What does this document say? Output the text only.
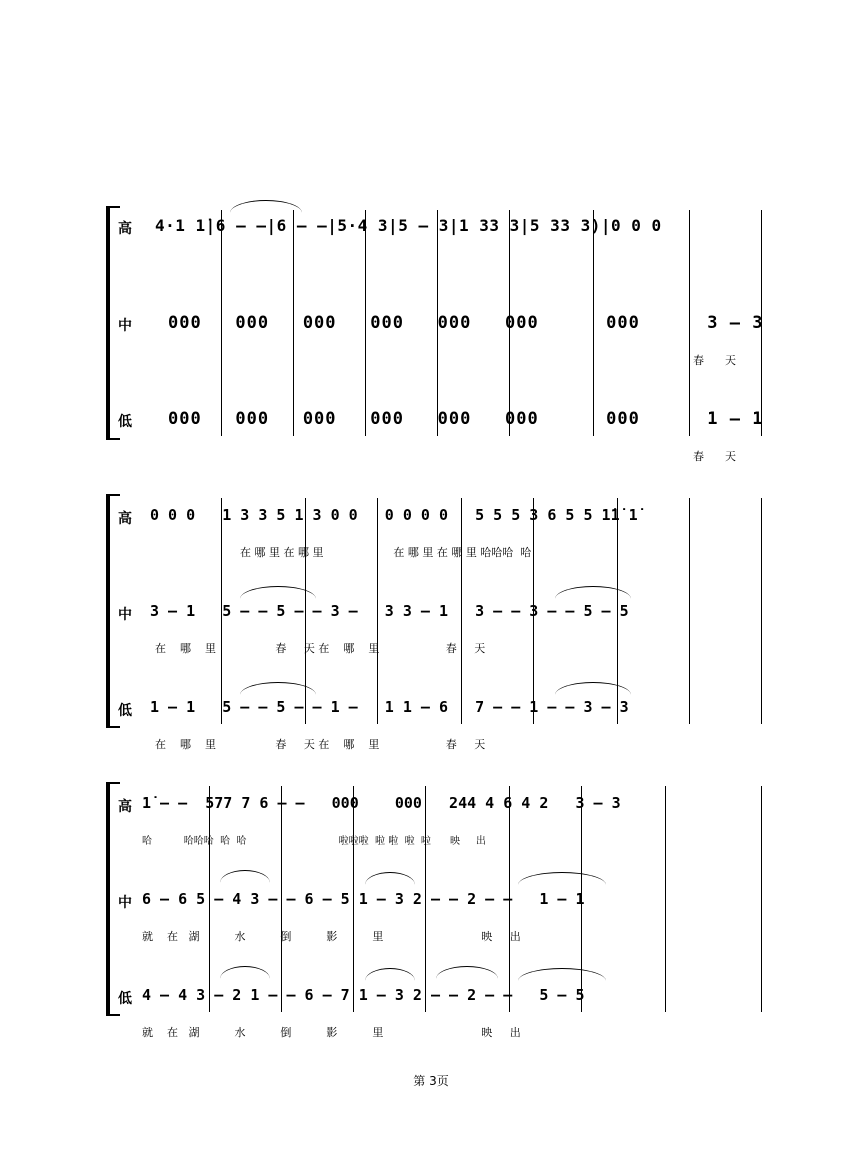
高 4·1 1̇|6 — —|6 — —|5·4 3|5 — 3|1 33 3|5 33 3)|0 0 0
中 000   000   000   000   000   000      000      3 — 3
春      天
低 000   000   000   000   000   000      000      1 — 1
春      天
高 0 0 0   1 3 3 5 1 3 0 0   0 0 0 0   5 5 5 3 6 5 5 1̇1̇ 1̇
在 哪 里 在 哪 里                    在 哪 里 在 哪 里 哈哈哈  哈
中 3 — 1   5 — — 5 — — 3 —   3 3 — 1   3 — — 3 — — 5 — 5
在    哪    里                 春     天 在    哪    里                   春     天
低 1 — 1   5 — — 5 — — 1 —   1 1 — 6   7 — — 1 — — 3 — 3
在    哪    里                 春     天 在    哪    里                   春     天
高 1̇ — —  577 7 6 — —   000    000   244 4 6 4 2   3 — 3
哈          哈哈哈  哈  哈                             啦啦啦  啦 啦  啦  啦      映     出
中 6 — 6 5 — 4 3 — — 6 — 5 1 — 3 2 — — 2 — —   1 — 1
就    在   湖          水          倒          影          里                            映     出
低 4 — 4 3 — 2 1 — — 6 — 7 1 — 3 2 — — 2 — —   5 — 5
就    在   湖          水          倒          影          里                            映     出
第 3页
